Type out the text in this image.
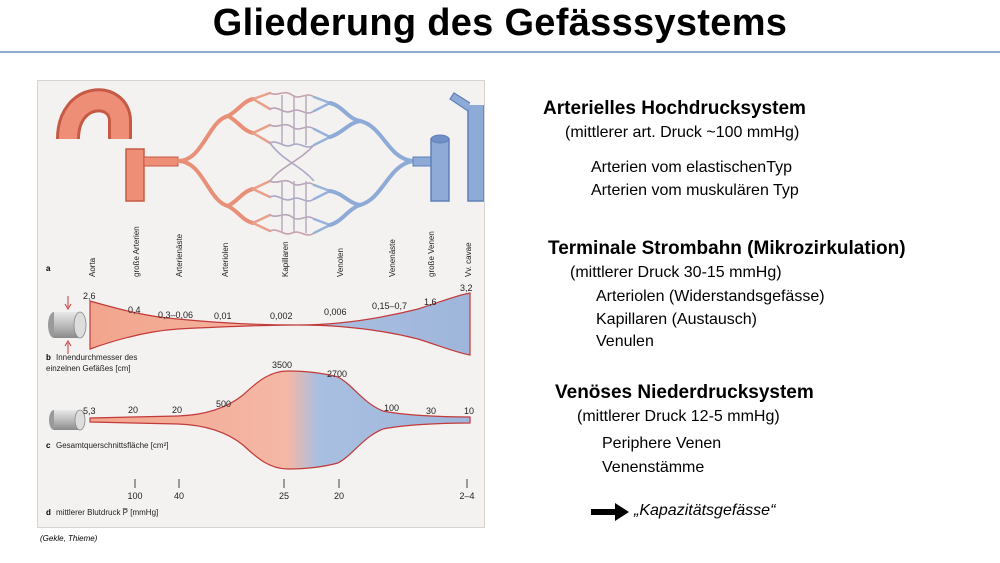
Gliederung des Gefässsystems
a	Aorta	große Arterien	Arterienäste	Arteriolen	Kapillaren	Venolen	Venenäste	große Venen	Vv. cavae
2,6
0,4 0,3–0,06 0,01	0,002	0,006
0,15–0,7 1,6
3,2
b Innendurchmesser des
einzelnen Gefäßes [cm]
5,3	20	20
500
3500
2700
100	30	10
c Gesamtquerschnittsfläche [cm²]
100	40	25	20	2–4
d mittlerer Blutdruck P̅ [mmHg]
(Gekle, Thieme)
Arterielles Hochdrucksystem
(mittlerer art. Druck ~100 mmHg)
Arterien vom elastischenTyp
Arterien vom muskulären Typ
Terminale Strombahn (Mikrozirkulation)
(mittlerer Druck 30-15 mmHg)
Arteriolen (Widerstandsgefässe)
Kapillaren (Austausch)
Venulen
Venöses Niederdrucksystem
(mittlerer Druck 12-5 mmHg)
Periphere Venen
Venenstämme
„Kapazitätsgefässe“
